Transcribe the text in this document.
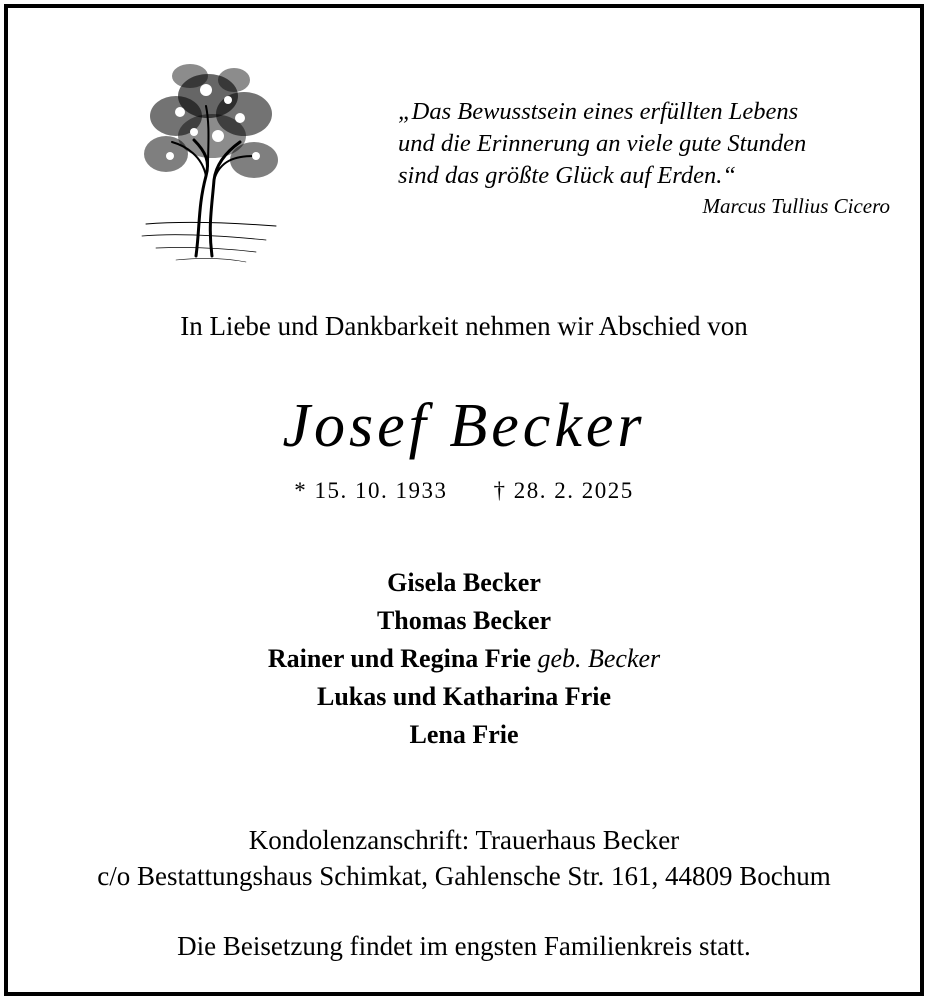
„Das Bewusstsein eines erfüllten Lebens
und die Erinnerung an viele gute Stunden
sind das größte Glück auf Erden.“
Marcus Tullius Cicero
In Liebe und Dankbarkeit nehmen wir Abschied von
Josef Becker
* 15. 10. 1933 † 28. 2. 2025
Gisela Becker
Thomas Becker
Rainer und Regina Frie geb. Becker
Lukas und Katharina Frie
Lena Frie
Kondolenzanschrift: Trauerhaus Becker
c/o Bestattungshaus Schimkat, Gahlensche Str. 161, 44809 Bochum
Die Beisetzung findet im engsten Familienkreis statt.
